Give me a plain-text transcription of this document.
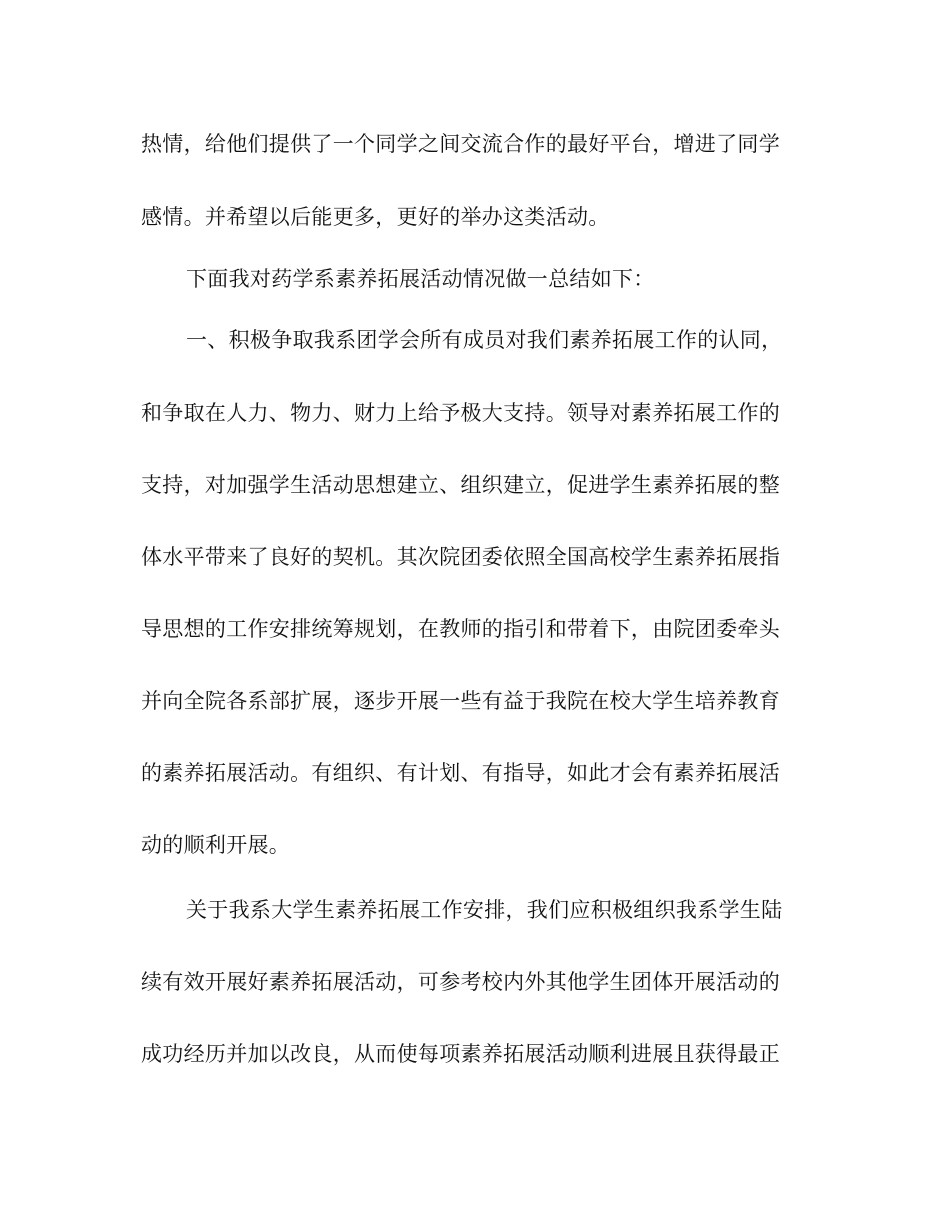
热情，给他们提供了一个同学之间交流合作的最好平台，增进了同学
感情。并希望以后能更多，更好的举办这类活动。
下面我对药学系素养拓展活动情况做一总结如下：
一、积极争取我系团学会所有成员对我们素养拓展工作的认同，
和争取在人力、物力、财力上给予极大支持。领导对素养拓展工作的
支持，对加强学生活动思想建立、组织建立，促进学生素养拓展的整
体水平带来了良好的契机。其次院团委依照全国高校学生素养拓展指
导思想的工作安排统筹规划，在教师的指引和带着下，由院团委牵头
并向全院各系部扩展，逐步开展一些有益于我院在校大学生培养教育
的素养拓展活动。有组织、有计划、有指导，如此才会有素养拓展活
动的顺利开展。
关于我系大学生素养拓展工作安排，我们应积极组织我系学生陆
续有效开展好素养拓展活动，可参考校内外其他学生团体开展活动的
成功经历并加以改良，从而使每项素养拓展活动顺利进展且获得最正
